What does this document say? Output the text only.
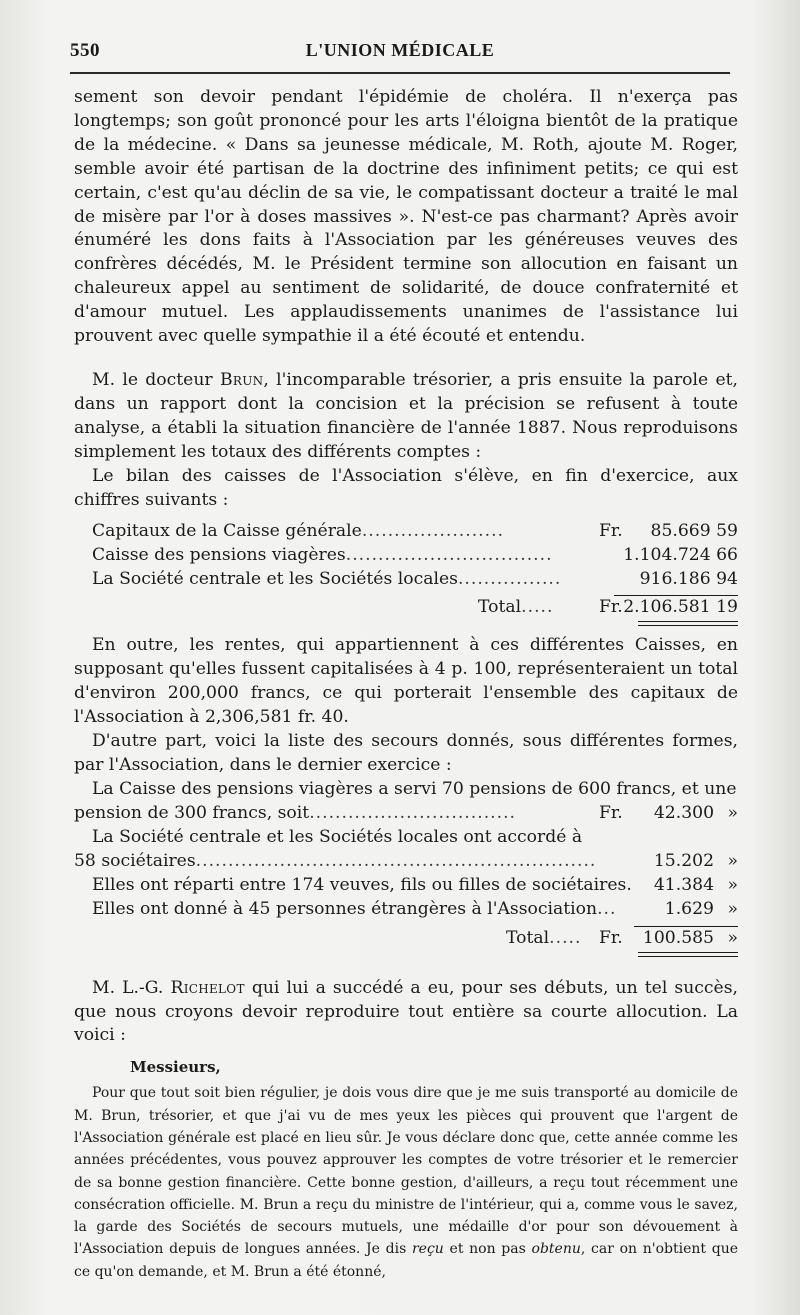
550	L'UNION MÉDICALE

sement son devoir pendant l'épidémie de choléra. Il n'exerça pas longtemps; son goût prononcé pour les arts l'éloigna bientôt de la pratique de la médecine. « Dans sa jeunesse médicale, M. Roth, ajoute M. Roger, semble avoir été partisan de la doctrine des infiniment petits; ce qui est certain, c'est qu'au déclin de sa vie, le compatissant docteur a traité le mal de misère par l'or à doses massives ». N'est-ce pas charmant? Après avoir énuméré les dons faits à l'Association par les généreuses veuves des confrères décédés, M. le Président termine son allocution en faisant un chaleureux appel au sentiment de solidarité, de douce confraternité et d'amour mutuel. Les applaudissements unanimes de l'assistance lui prouvent avec quelle sympathie il a été écouté et entendu.

M. le docteur Brun, l'incomparable trésorier, a pris ensuite la parole et, dans un rapport dont la concision et la précision se refusent à toute analyse, a établi la situation financière de l'année 1887. Nous reproduisons simplement les totaux des différents comptes :

Le bilan des caisses de l'Association s'élève, en fin d'exercice, aux chiffres suivants :

Capitaux de la Caisse générale......................	Fr. 85.669 59
Caisse des pensions viagères................................	1.104.724 66
La Société centrale et les Sociétés locales................	916.186 94
Total.....	Fr. 2.106.581 19

En outre, les rentes, qui appartiennent à ces différentes Caisses, en supposant qu'elles fussent capitalisées à 4 p. 100, représenteraient un total d'environ 200,000 francs, ce qui porterait l'ensemble des capitaux de l'Association à 2,306,581 fr. 40.

D'autre part, voici la liste des secours donnés, sous différentes formes, par l'Association, dans le dernier exercice :

La Caisse des pensions viagères a servi 70 pensions de 600 francs, et une

pension de 300 francs, soit................................	Fr. 42.300 »

La Société centrale et les Sociétés locales ont accordé à

58 sociétaires..............................................................	15.202 »
Elles ont réparti entre 174 veuves, fils ou filles de sociétaires. 41.384 »
Elles ont donné à 45 personnes étrangères à l'Association...	1.629 »
Total..... Fr. 100.585 »

M. L.-G. Richelot qui lui a succédé a eu, pour ses débuts, un tel succès, que nous croyons devoir reproduire tout entière sa courte allocution. La voici :

Messieurs,

Pour que tout soit bien régulier, je dois vous dire que je me suis transporté au domicile de M. Brun, trésorier, et que j'ai vu de mes yeux les pièces qui prouvent que l'argent de l'Association générale est placé en lieu sûr. Je vous déclare donc que, cette année comme les années précédentes, vous pouvez approuver les comptes de votre trésorier et le remercier de sa bonne gestion financière. Cette bonne gestion, d'ailleurs, a reçu tout récemment une consécration officielle. M. Brun a reçu du ministre de l'intérieur, qui a, comme vous le savez, la garde des Sociétés de secours mutuels, une médaille d'or pour son dévouement à l'Association depuis de longues années. Je dis reçu et non pas obtenu, car on n'obtient que ce qu'on demande, et M. Brun a été étonné,
